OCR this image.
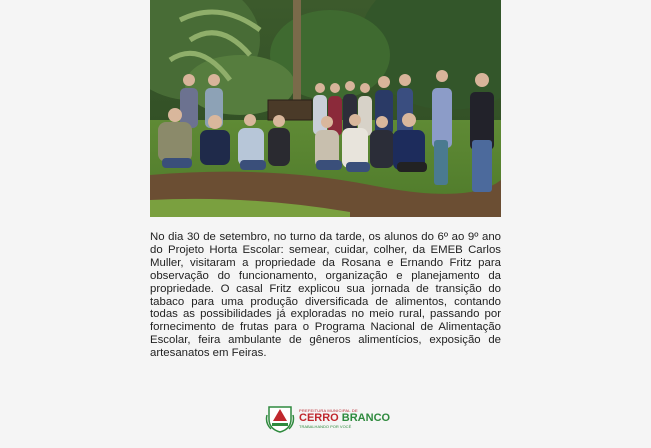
No dia 30 de setembro, no turno da tarde, os alunos do 6º ao 9º ano do Projeto Horta Escolar: semear, cuidar, colher, da EMEB Carlos Muller, visitaram a propriedade da Rosana e Ernando Fritz para observação do funcionamento, organização e planejamento da propriedade. O casal Fritz explicou sua jornada de transição do tabaco para uma produção diversificada de alimentos, contando todas as possibilidades já exploradas no meio rural, passando por fornecimento de frutas para o Programa Nacional de Alimentação Escolar, feira ambulante de gêneros alimentícios, exposição de artesanatos em Feiras.

PREFEITURA MUNICIPAL DE
CERRO BRANCO
TRABALHANDO POR VOCÊ
